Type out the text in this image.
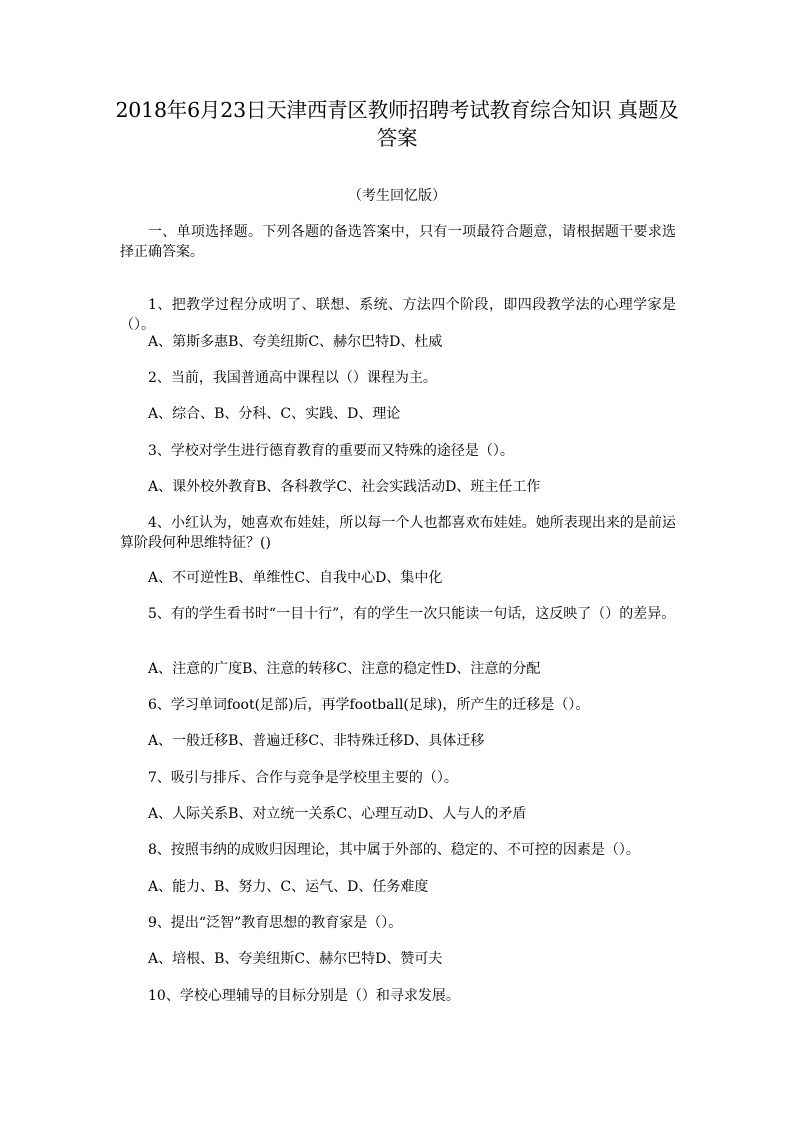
2018年6月23日天津西青区教师招聘考试教育综合知识 真题及答案
（考生回忆版）
一、单项选择题。下列各题的备选答案中，只有一项最符合题意，请根据题干要求选择正确答案。
1、把教学过程分成明了、联想、系统、方法四个阶段，即四段教学法的心理学家是（）。
A、第斯多惠B、夸美纽斯C、赫尔巴特D、杜威
2、当前，我国普通高中课程以（）课程为主。
A、综合、B、分科、C、实践、D、理论
3、学校对学生进行德育教育的重要而又特殊的途径是（）。
A、课外校外教育B、各科教学C、社会实践活动D、班主任工作
4、小红认为，她喜欢布娃娃，所以每一个人也都喜欢布娃娃。她所表现出来的是前运算阶段何种思维特征？()
A、不可逆性B、单维性C、自我中心D、集中化
5、有的学生看书时“一目十行”，有的学生一次只能读一句话，这反映了（）的差异。
A、注意的广度B、注意的转移C、注意的稳定性D、注意的分配
6、学习单词foot(足部)后，再学football(足球)，所产生的迁移是（）。
A、一般迁移B、普遍迁移C、非特殊迁移D、具体迁移
7、吸引与排斥、合作与竞争是学校里主要的（）。
A、人际关系B、对立统一关系C、心理互动D、人与人的矛盾
8、按照韦纳的成败归因理论，其中属于外部的、稳定的、不可控的因素是（）。
A、能力、B、努力、C、运气、D、任务难度
9、提出“泛智”教育思想的教育家是（）。
A、培根、B、夸美纽斯C、赫尔巴特D、赞可夫
10、学校心理辅导的目标分别是（）和寻求发展。
